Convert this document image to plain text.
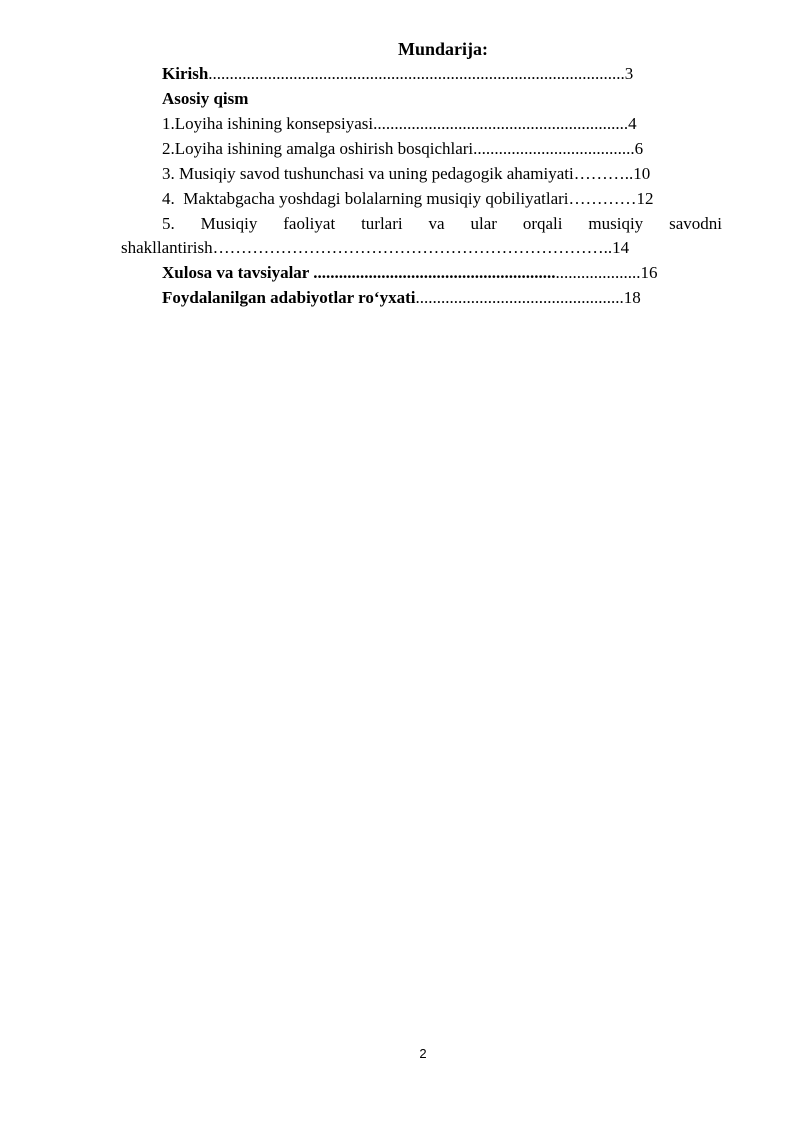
Mundarija:
Kirish..................................................................................................3
Asosiy qism
1.Loyiha ishining konsepsiyasi............................................................4
2.Loyiha ishining amalga oshirish bosqichlari......................................6
3. Musiqiy savod tushunchasi va uning pedagogik ahamiyati………..10
4.  Maktabgacha yoshdagi bolalarning musiqiy qobiliyatlari…………12
5. Musiqiy faoliyat turlari va ular orqali musiqiy savodni
shakllantirish……………………………………………………………..14
Xulosa va tavsiyalar .............................................................................16
Foydalanilgan adabiyotlar ro‘yxati.................................................18
2
